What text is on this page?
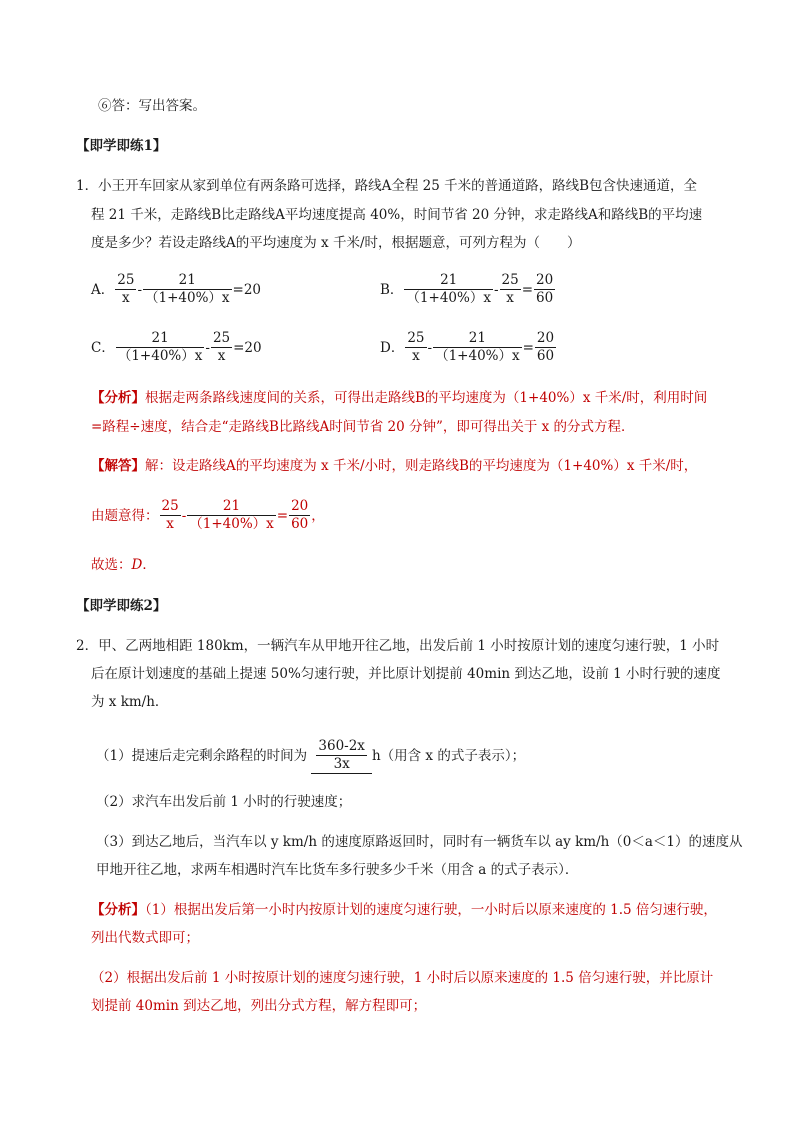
⑥答：写出答案。
【即学即练1】
1．小王开车回家从家到单位有两条路可选择，路线A全程 25 千米的普通道路，路线B包含快速通道，全
程 21 千米，走路线B比走路线A平均速度提高 40%，时间节省 20 分钟，求走路线A和路线B的平均速
度是多少？若设走路线A的平均速度为 x 千米/时，根据题意，可列方程为（　　）
A． $\frac{25}{x} - \frac{21}{(1+40\%)x} =20$	B． $\frac{21}{(1+40\%)x} - \frac{25}{x} = \frac{20}{60}$
C． $\frac{21}{(1+40\%)x} - \frac{25}{x} =20$	D． $\frac{25}{x} - \frac{21}{(1+40\%)x} = \frac{20}{60}$
【分析】根据走两条路线速度间的关系，可得出走路线B的平均速度为（1+40%）x 千米/时，利用时间
=路程÷速度，结合走“走路线B比路线A时间节省 20 分钟”，即可得出关于 x 的分式方程．
【解答】解：设走路线A的平均速度为 x 千米/小时，则走路线B的平均速度为（1+40%）x 千米/时，
由题意得： $\frac{25}{x} - \frac{21}{(1+40\%)x} = \frac{20}{60}$ ，
故选：D．
【即学即练2】
2．甲、乙两地相距 180km，一辆汽车从甲地开往乙地，出发后前 1 小时按原计划的速度匀速行驶，1 小时
后在原计划速度的基础上提速 50%匀速行驶，并比原计划提前 40min 到达乙地，设前 1 小时行驶的速度
为 x km/h．
（1）提速后走完剩余路程的时间为 $\frac{360-2x}{3x} h$（用含 x 的式子表示）；
（2）求汽车出发后前 1 小时的行驶速度；
（3）到达乙地后，当汽车以 y km/h 的速度原路返回时，同时有一辆货车以 ay km/h（0＜a＜1）的速度从
甲地开往乙地，求两车相遇时汽车比货车多行驶多少千米（用含 a 的式子表示）．
【分析】（1）根据出发后第一小时内按原计划的速度匀速行驶，一小时后以原来速度的 1.5 倍匀速行驶，
列出代数式即可；
（2）根据出发后前 1 小时按原计划的速度匀速行驶，1 小时后以原来速度的 1.5 倍匀速行驶，并比原计
划提前 40min 到达乙地，列出分式方程，解方程即可；
